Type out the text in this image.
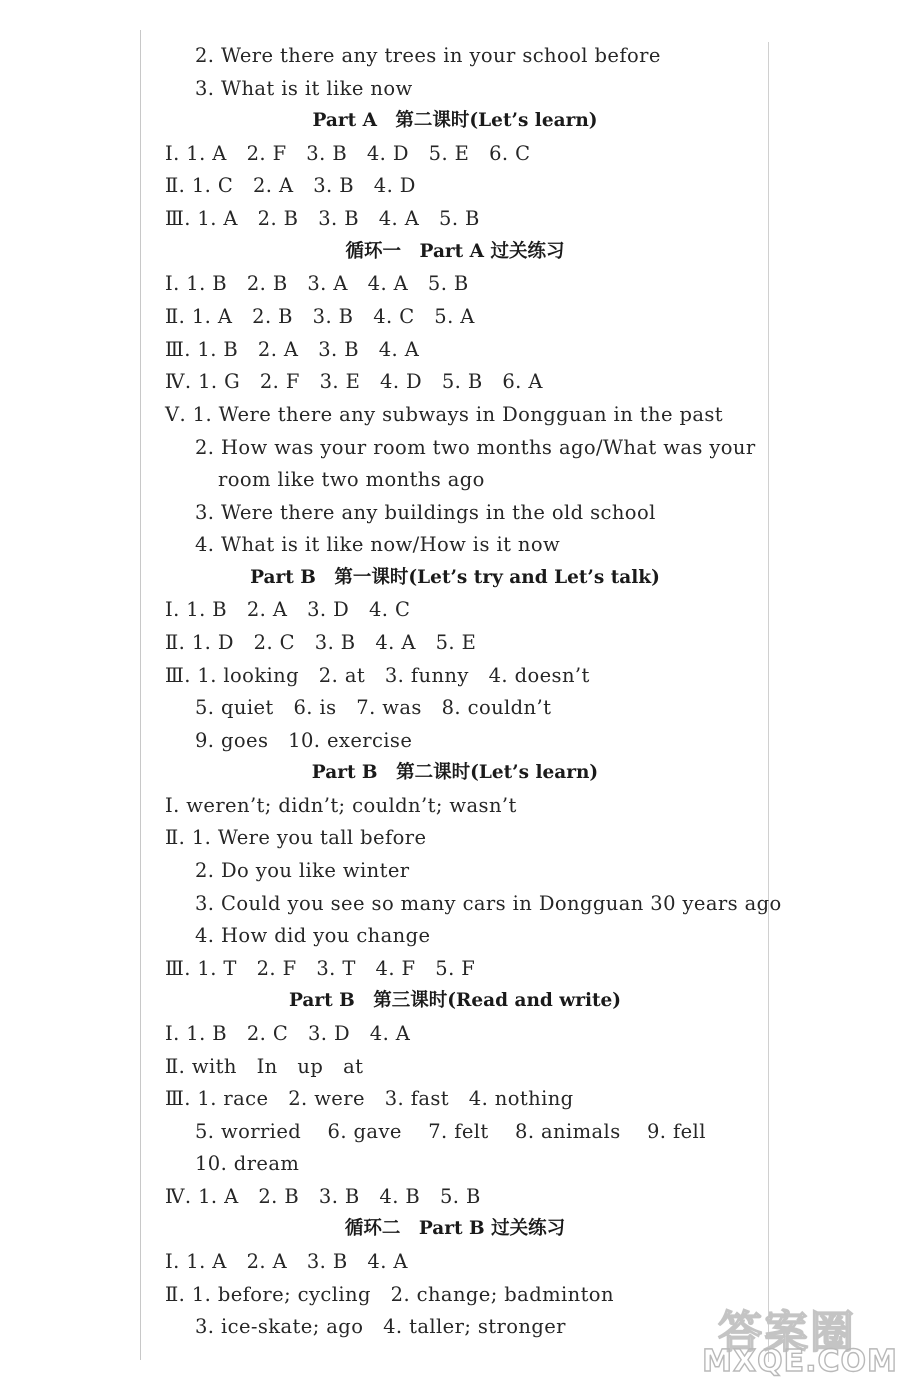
2. Were there any trees in your school before
3. What is it like now
Part A　第二课时(Let’s learn)
Ⅰ. 1. A   2. F   3. B   4. D   5. E   6. C
Ⅱ. 1. C   2. A   3. B   4. D
Ⅲ. 1. A   2. B   3. B   4. A   5. B
循环一　Part A 过关练习
Ⅰ. 1. B   2. B   3. A   4. A   5. B
Ⅱ. 1. A   2. B   3. B   4. C   5. A
Ⅲ. 1. B   2. A   3. B   4. A
Ⅳ. 1. G   2. F   3. E   4. D   5. B   6. A
Ⅴ. 1. Were there any subways in Dongguan in the past
2. How was your room two months ago/What was your
room like two months ago
3. Were there any buildings in the old school
4. What is it like now/How is it now
Part B　第一课时(Let’s try and Let’s talk)
Ⅰ. 1. B   2. A   3. D   4. C
Ⅱ. 1. D   2. C   3. B   4. A   5. E
Ⅲ. 1. looking   2. at   3. funny   4. doesn’t
5. quiet   6. is   7. was   8. couldn’t
9. goes   10. exercise
Part B　第二课时(Let’s learn)
Ⅰ. weren’t; didn’t; couldn’t; wasn’t
Ⅱ. 1. Were you tall before
2. Do you like winter
3. Could you see so many cars in Dongguan 30 years ago
4. How did you change
Ⅲ. 1. T   2. F   3. T   4. F   5. F
Part B　第三课时(Read and write)
Ⅰ. 1. B   2. C   3. D   4. A
Ⅱ. with   In   up   at
Ⅲ. 1. race   2. were   3. fast   4. nothing
5. worried    6. gave    7. felt    8. animals    9. fell
10. dream
Ⅳ. 1. A   2. B   3. B   4. B   5. B
循环二　Part B 过关练习
Ⅰ. 1. A   2. A   3. B   4. A
Ⅱ. 1. before; cycling   2. change; badminton
3. ice-skate; ago   4. taller; stronger	答案圈
MXQE.COM
